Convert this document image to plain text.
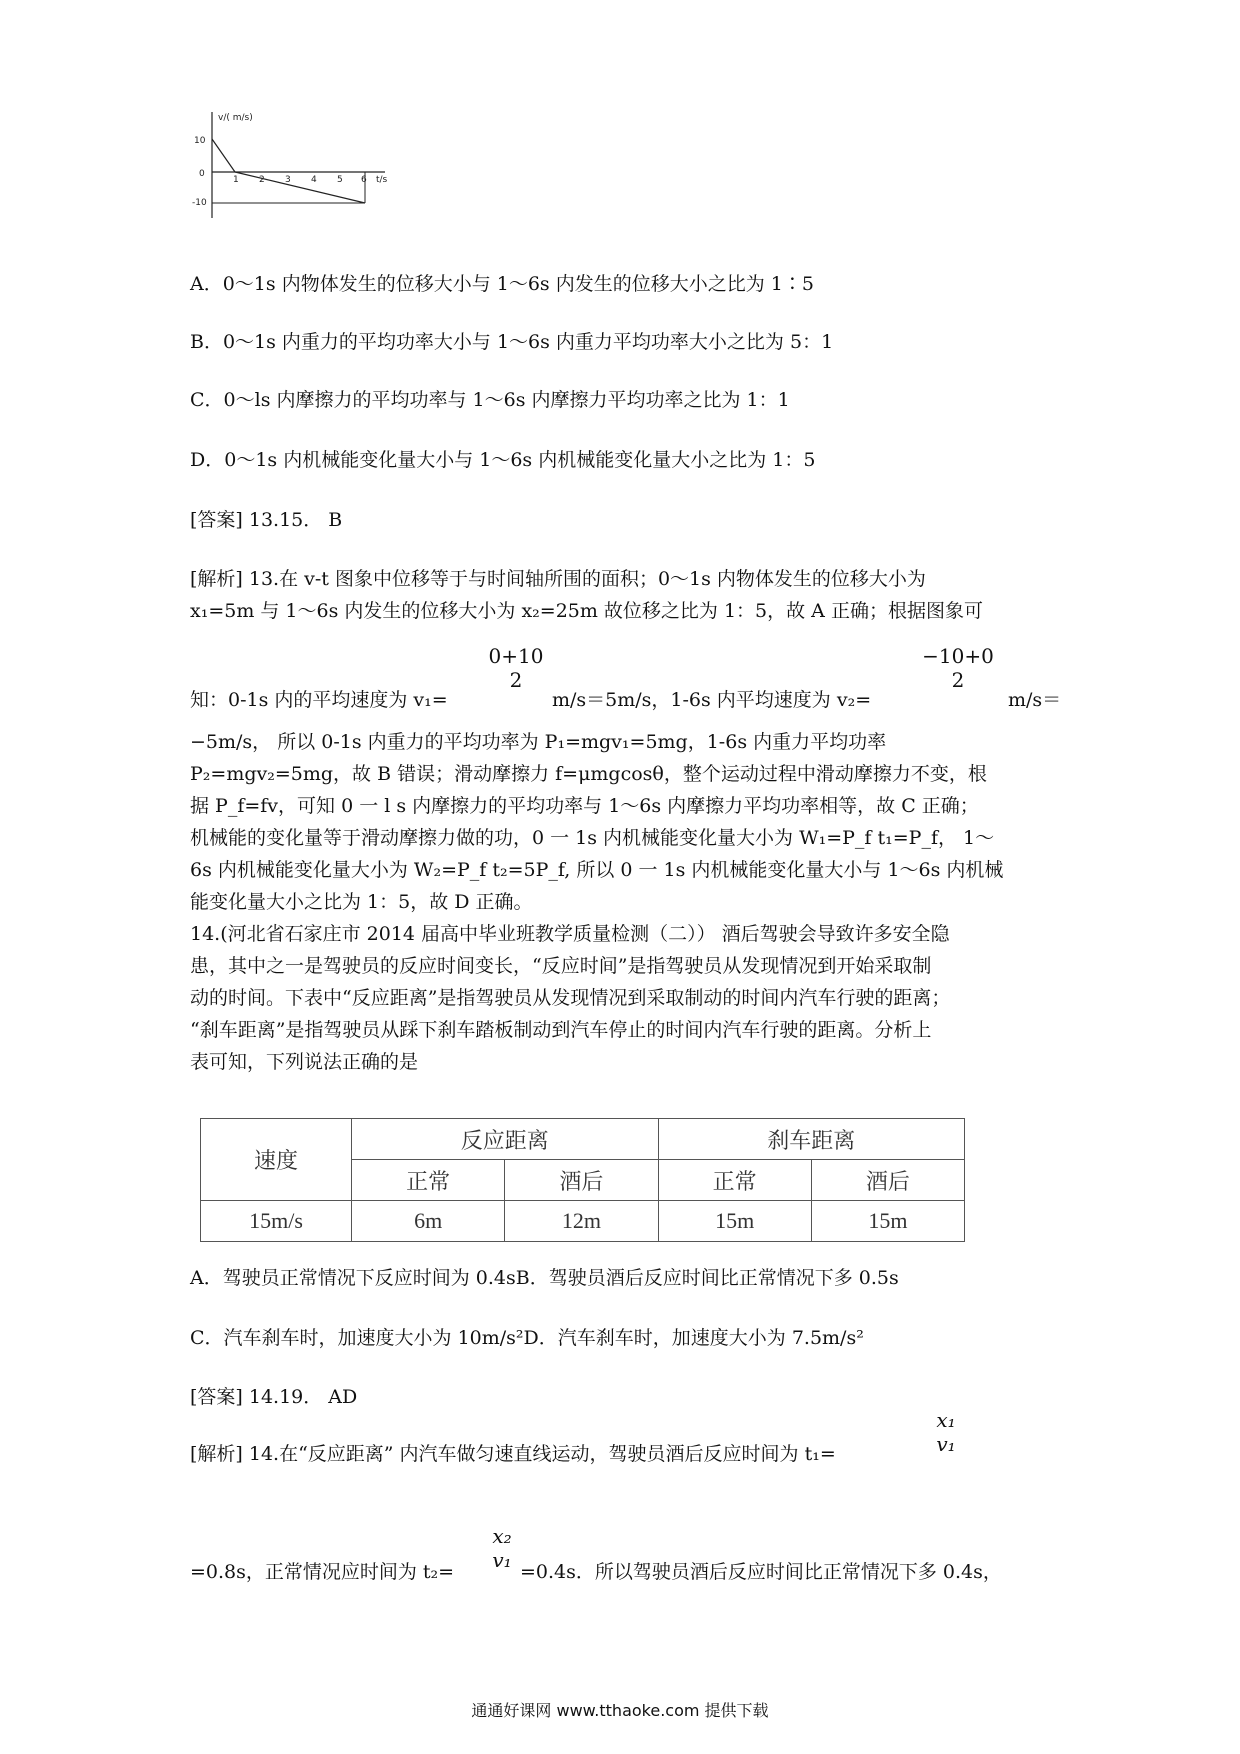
v/( m/s)
10
0
-10
1 2 3 4 5 6 t/s
A．0～1s 内物体发生的位移大小与 1～6s 内发生的位移大小之比为 1∶5
B．0～1s 内重力的平均功率大小与 1～6s 内重力平均功率大小之比为 5：1
C．0～ls 内摩擦力的平均功率与 1～6s 内摩擦力平均功率之比为 1：1
D．0～1s 内机械能变化量大小与 1～6s 内机械能变化量大小之比为 1：5
[答案] 13.15． B
[解析] 13.在 v-t 图象中位移等于与时间轴所围的面积；0～1s 内物体发生的位移大小为
x₁=5m 与 1～6s 内发生的位移大小为 x₂=25m 故位移之比为 1：5，故 A 正确；根据图象可
0+10
2
−10+0
2
知：0-1s 内的平均速度为 v₁=	m/s＝5m/s，1-6s 内平均速度为 v₂=	m/s＝
−5m/s， 所以 0-1s 内重力的平均功率为 P₁=mgv₁=5mg，1-6s 内重力平均功率
P₂=mgv₂=5mg，故 B 错误；滑动摩擦力 f=μmgcosθ，整个运动过程中滑动摩擦力不变，根
据 P_f=fv，可知 0 一 l s 内摩擦力的平均功率与 1～6s 内摩擦力平均功率相等，故 C 正确；
机械能的变化量等于滑动摩擦力做的功，0 一 1s 内机械能变化量大小为 W₁=P_f t₁=P_f， 1～
6s 内机械能变化量大小为 W₂=P_f t₂=5P_f, 所以 0 一 1s 内机械能变化量大小与 1～6s 内机械
能变化量大小之比为 1：5，故 D 正确。
14.(河北省石家庄市 2014 届高中毕业班教学质量检测（二）） 酒后驾驶会导致许多安全隐
患，其中之一是驾驶员的反应时间变长，“反应时间”是指驾驶员从发现情况到开始采取制
动的时间。下表中“反应距离”是指驾驶员从发现情况到采取制动的时间内汽车行驶的距离；
“刹车距离”是指驾驶员从踩下刹车踏板制动到汽车停止的时间内汽车行驶的距离。分析上
表可知，下列说法正确的是
速度	反应距离		刹车距离	
	正常	酒后	正常	酒后
15m/s	6m	12m	15m	15m
A．驾驶员正常情况下反应时间为 0.4sB．驾驶员酒后反应时间比正常情况下多 0.5s
C．汽车刹车时，加速度大小为 10m/s²D．汽车刹车时，加速度大小为 7.5m/s²
[答案] 14.19． AD
x₁
v₁
[解析] 14.在“反应距离” 内汽车做匀速直线运动，驾驶员酒后反应时间为 t₁=
x₂
v₁
=0.8s，正常情况应时间为 t₂=	=0.4s．所以驾驶员酒后反应时间比正常情况下多 0.4s，
通通好课网 www.tthaoke.com 提供下载
